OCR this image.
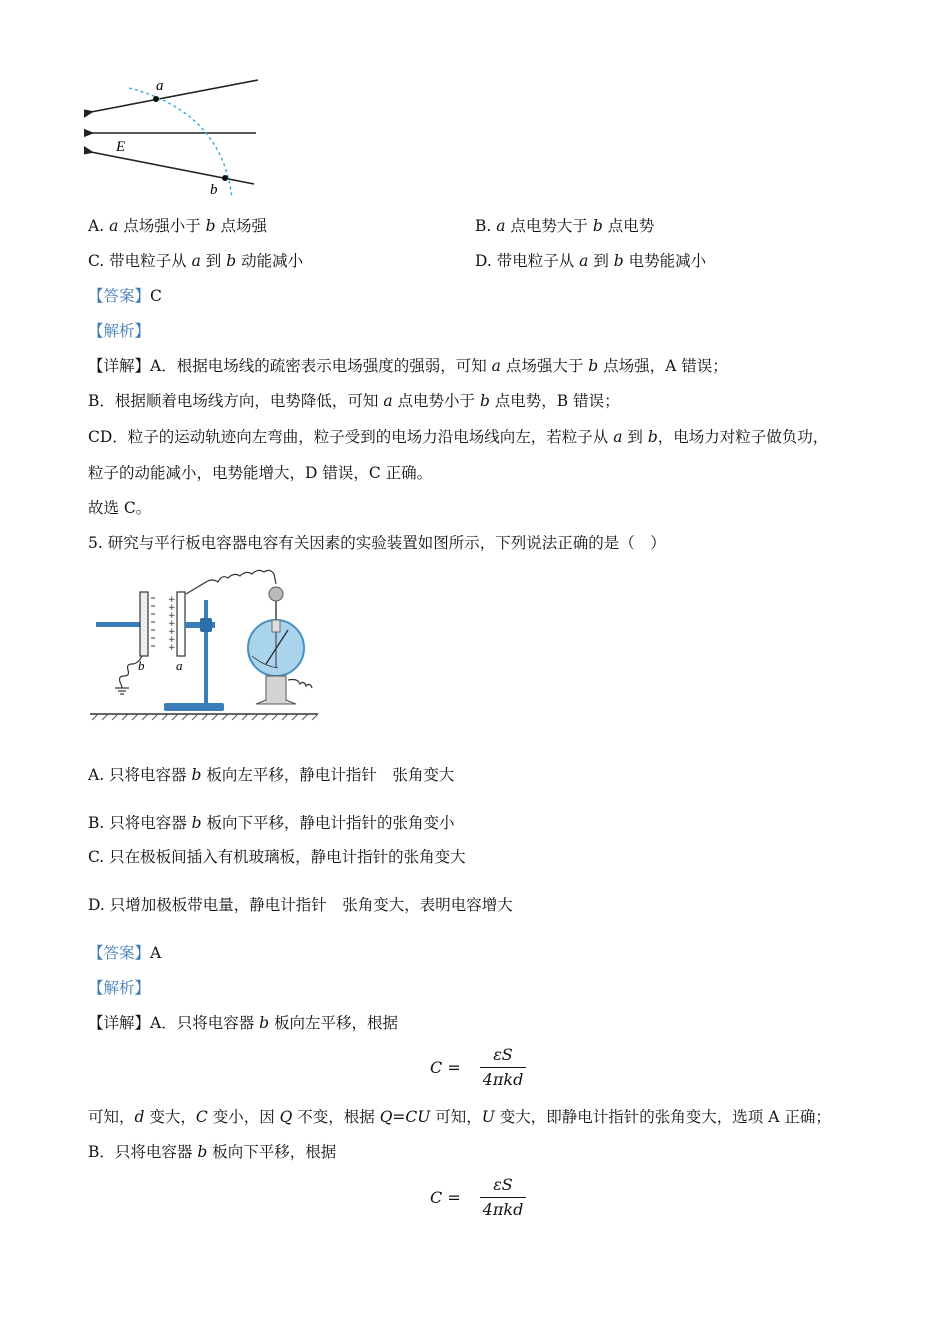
a
b
E
A. a 点场强小于 b 点场强	B. a 点电势大于 b 点电势
C. 带电粒子从 a 到 b 动能减小	D. 带电粒子从 a 到 b 电势能减小
【答案】C
【解析】
【详解】A．根据电场线的疏密表示电场强度的强弱，可知 a 点场强大于 b 点场强，A 错误；
B．根据顺着电场线方向，电势降低，可知 a 点电势小于 b 点电势，B 错误；
CD．粒子的运动轨迹向左弯曲，粒子受到的电场力沿电场线向左，若粒子从 a 到 b，电场力对粒子做负功，
粒子的动能减小，电势能增大，D 错误，C 正确。
故选 C。
5. 研究与平行板电容器电容有关因素的实验装置如图所示，下列说法正确的是（　）
b
+
+
+
+
+
+
+
a
A. 只将电容器 b 板向左平移，静电计指针　张角变大
B. 只将电容器 b 板向下平移，静电计指针的张角变小
C. 只在极板间插入有机玻璃板，静电计指针的张角变大
D. 只增加极板带电量，静电计指针　张角变大，表明电容增大
【答案】A
【解析】
【详解】A．只将电容器 b 板向左平移，根据
C =
εS
4πkd
可知，d 变大，C 变小，因 Q 不变，根据 Q=CU 可知，U 变大，即静电计指针的张角变大，选项 A 正确；
B．只将电容器 b 板向下平移，根据
C =
εS
4πkd
